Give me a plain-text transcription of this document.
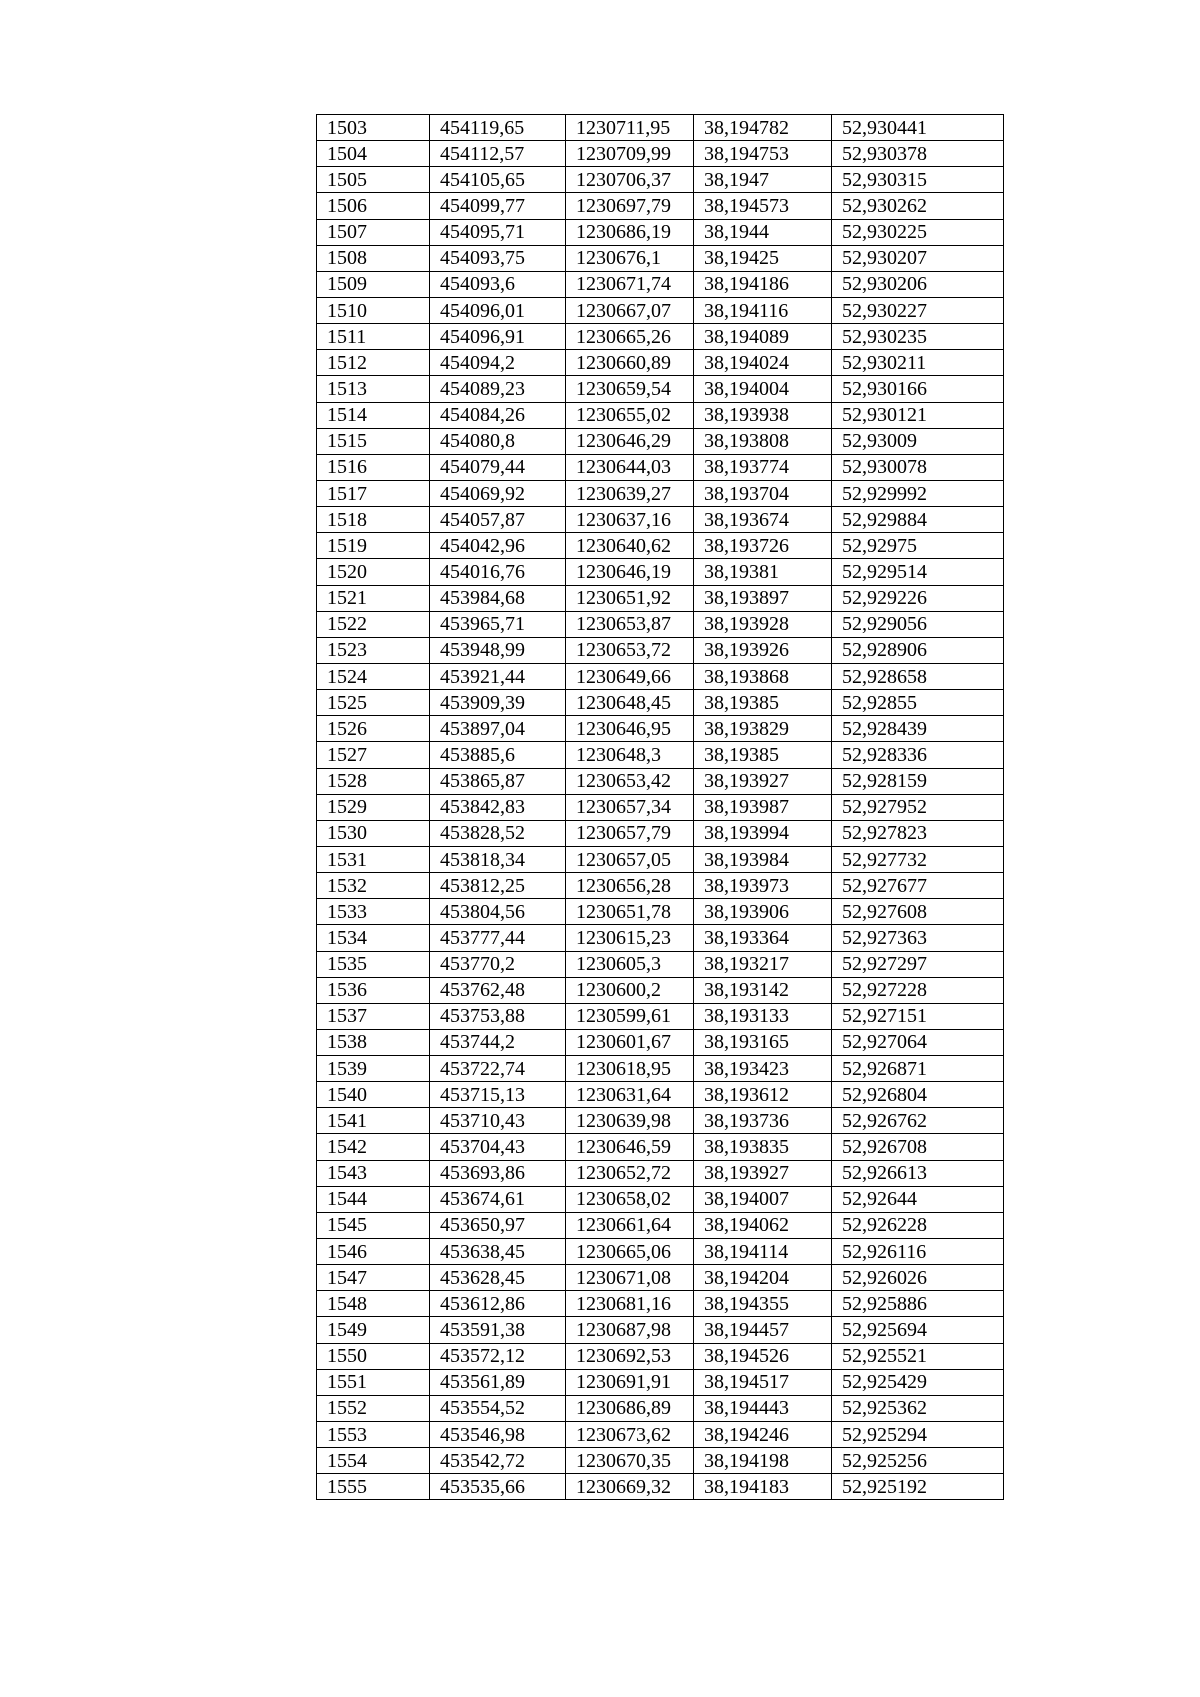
1503	454119,65	1230711,95	38,194782	52,930441
1504	454112,57	1230709,99	38,194753	52,930378
1505	454105,65	1230706,37	38,1947	52,930315
1506	454099,77	1230697,79	38,194573	52,930262
1507	454095,71	1230686,19	38,1944	52,930225
1508	454093,75	1230676,1	38,19425	52,930207
1509	454093,6	1230671,74	38,194186	52,930206
1510	454096,01	1230667,07	38,194116	52,930227
1511	454096,91	1230665,26	38,194089	52,930235
1512	454094,2	1230660,89	38,194024	52,930211
1513	454089,23	1230659,54	38,194004	52,930166
1514	454084,26	1230655,02	38,193938	52,930121
1515	454080,8	1230646,29	38,193808	52,93009
1516	454079,44	1230644,03	38,193774	52,930078
1517	454069,92	1230639,27	38,193704	52,929992
1518	454057,87	1230637,16	38,193674	52,929884
1519	454042,96	1230640,62	38,193726	52,92975
1520	454016,76	1230646,19	38,19381	52,929514
1521	453984,68	1230651,92	38,193897	52,929226
1522	453965,71	1230653,87	38,193928	52,929056
1523	453948,99	1230653,72	38,193926	52,928906
1524	453921,44	1230649,66	38,193868	52,928658
1525	453909,39	1230648,45	38,19385	52,92855
1526	453897,04	1230646,95	38,193829	52,928439
1527	453885,6	1230648,3	38,19385	52,928336
1528	453865,87	1230653,42	38,193927	52,928159
1529	453842,83	1230657,34	38,193987	52,927952
1530	453828,52	1230657,79	38,193994	52,927823
1531	453818,34	1230657,05	38,193984	52,927732
1532	453812,25	1230656,28	38,193973	52,927677
1533	453804,56	1230651,78	38,193906	52,927608
1534	453777,44	1230615,23	38,193364	52,927363
1535	453770,2	1230605,3	38,193217	52,927297
1536	453762,48	1230600,2	38,193142	52,927228
1537	453753,88	1230599,61	38,193133	52,927151
1538	453744,2	1230601,67	38,193165	52,927064
1539	453722,74	1230618,95	38,193423	52,926871
1540	453715,13	1230631,64	38,193612	52,926804
1541	453710,43	1230639,98	38,193736	52,926762
1542	453704,43	1230646,59	38,193835	52,926708
1543	453693,86	1230652,72	38,193927	52,926613
1544	453674,61	1230658,02	38,194007	52,92644
1545	453650,97	1230661,64	38,194062	52,926228
1546	453638,45	1230665,06	38,194114	52,926116
1547	453628,45	1230671,08	38,194204	52,926026
1548	453612,86	1230681,16	38,194355	52,925886
1549	453591,38	1230687,98	38,194457	52,925694
1550	453572,12	1230692,53	38,194526	52,925521
1551	453561,89	1230691,91	38,194517	52,925429
1552	453554,52	1230686,89	38,194443	52,925362
1553	453546,98	1230673,62	38,194246	52,925294
1554	453542,72	1230670,35	38,194198	52,925256
1555	453535,66	1230669,32	38,194183	52,925192
